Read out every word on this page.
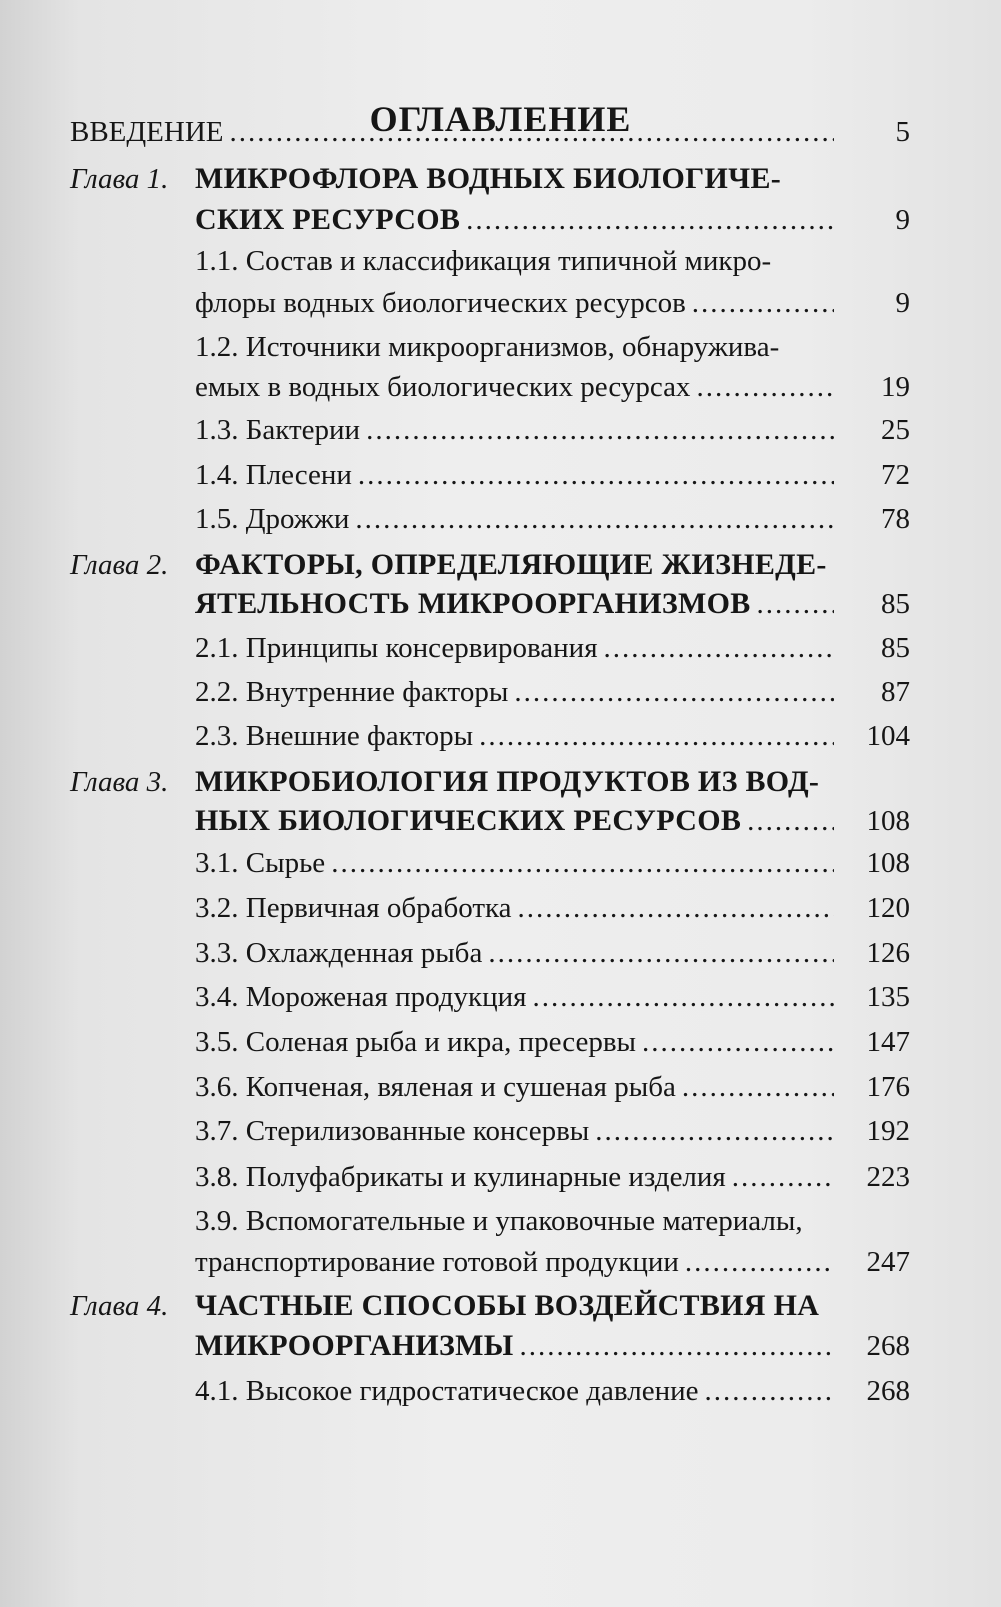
ОГЛАВЛЕНИЕ
ВВЕДЕНИЕ .....	5
Глава 1. МИКРОФЛОРА ВОДНЫХ БИОЛОГИЧЕ-
СКИХ РЕСУРСОВ .....	9
1.1. Состав и классификация типичной микро-
флоры водных биологических ресурсов .....	9
1.2. Источники микроорганизмов, обнаружива-
емых в водных биологических ресурсах .....	19
1.3. Бактерии .....	25
1.4. Плесени .....	72
1.5. Дрожжи .....	78
Глава 2. ФАКТОРЫ, ОПРЕДЕЛЯЮЩИЕ ЖИЗНЕДЕ-
ЯТЕЛЬНОСТЬ МИКРООРГАНИЗМОВ .....	85
2.1. Принципы консервирования .....	85
2.2. Внутренние факторы .....	87
2.3. Внешние факторы .....	104
Глава 3. МИКРОБИОЛОГИЯ ПРОДУКТОВ ИЗ ВОД-
НЫХ БИОЛОГИЧЕСКИХ РЕСУРСОВ .....	108
3.1. Сырье .....	108
3.2. Первичная обработка .....	120
3.3. Охлажденная рыба .....	126
3.4. Мороженая продукция .....	135
3.5. Соленая рыба и икра, пресервы .....	147
3.6. Копченая, вяленая и сушеная рыба .....	176
3.7. Стерилизованные консервы .....	192
3.8. Полуфабрикаты и кулинарные изделия .....	223
3.9. Вспомогательные и упаковочные материалы,
транспортирование готовой продукции .....	247
Глава 4. ЧАСТНЫЕ СПОСОБЫ ВОЗДЕЙСТВИЯ НА
МИКРООРГАНИЗМЫ .....	268
4.1. Высокое гидростатическое давление .....	268
